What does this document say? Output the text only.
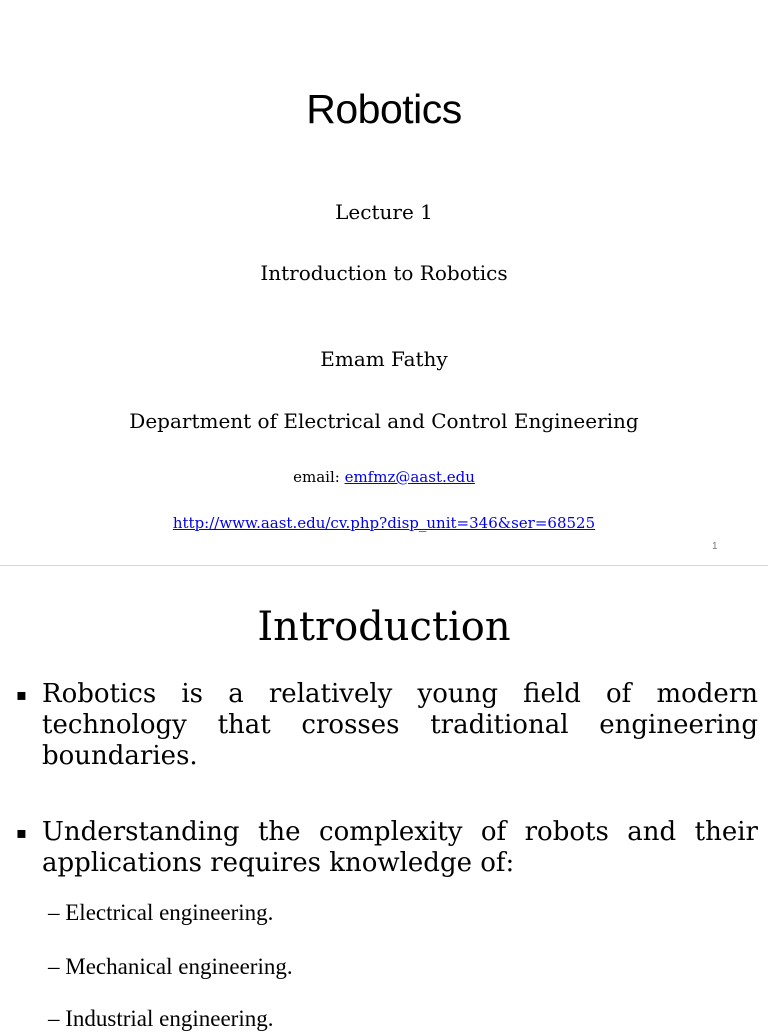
Robotics
Lecture 1
Introduction to Robotics
Emam Fathy
Department of Electrical and Control Engineering
email: emfmz@aast.edu
http://www.aast.edu/cv.php?disp_unit=346&ser=68525
1
Introduction
▪ Robotics is a relatively young field of modern technology that crosses traditional engineering boundaries.
▪ Understanding the complexity of robots and their applications requires knowledge of:
– Electrical engineering.
– Mechanical engineering.
– Industrial engineering.
